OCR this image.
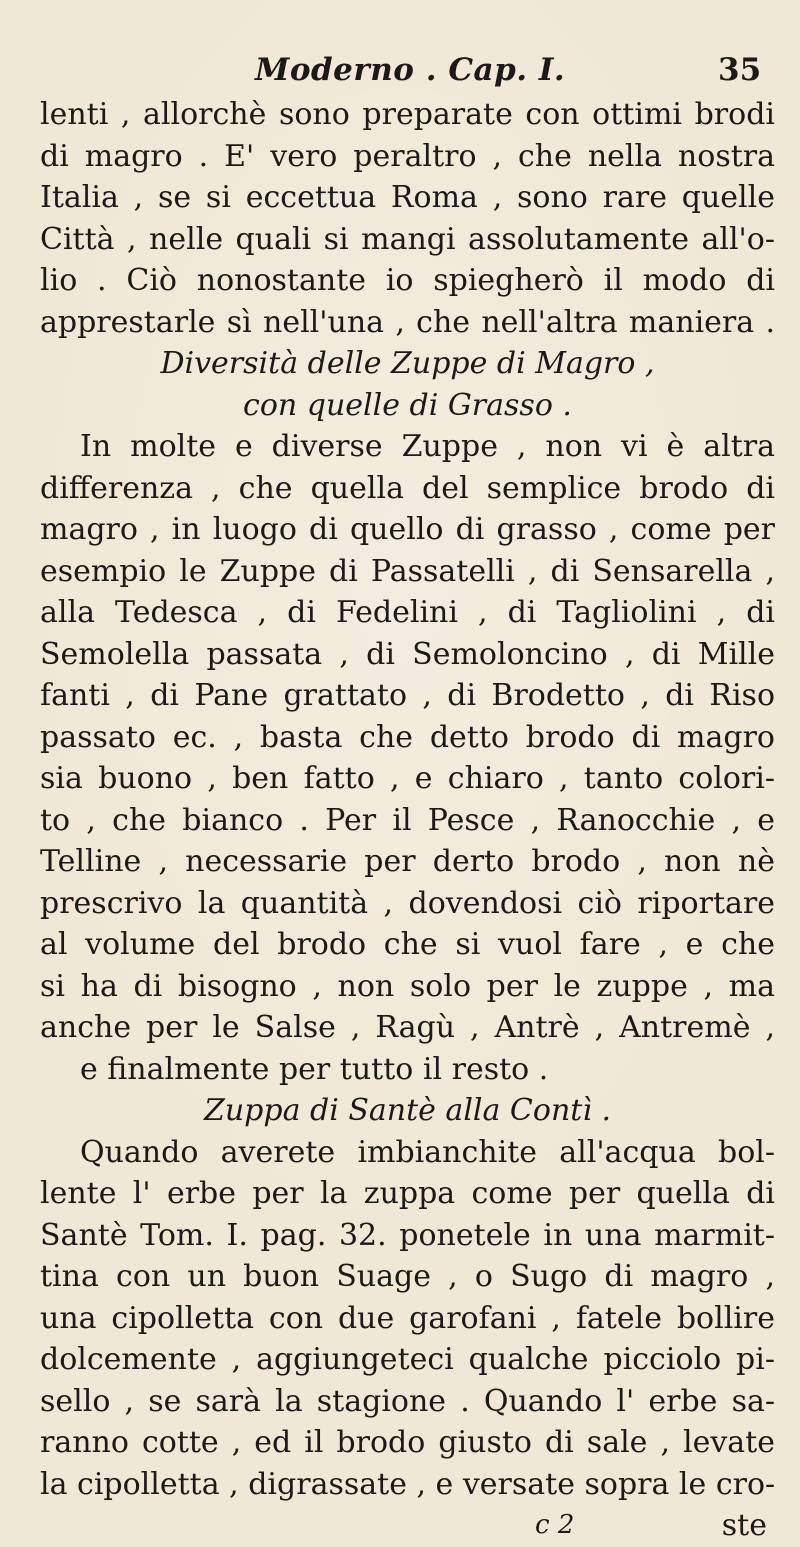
Moderno . Cap. I.	35
lenti , allorchè sono preparate con ottimi brodi
di magro . E' vero peraltro , che nella nostra
Italia , se si eccettua Roma , sono rare quelle
Città , nelle quali si mangi assolutamente all'o-
lio . Ciò nonostante io spiegherò il modo di
apprestarle sì nell'una , che nell'altra maniera .
Diversità delle Zuppe di Magro ,
con quelle di Grasso .
In molte e diverse Zuppe , non vi è altra
differenza , che quella del semplice brodo di
magro , in luogo di quello di grasso , come per
esempio le Zuppe di Passatelli , di Sensarella ,
alla Tedesca , di Fedelini , di Tagliolini , di
Semolella passata , di Semoloncino , di Mille
fanti , di Pane grattato , di Brodetto , di Riso
passato ec. , basta che detto brodo di magro
sia buono , ben fatto , e chiaro , tanto colori-
to , che bianco . Per il Pesce , Ranocchie , e
Telline , necessarie per derto brodo , non nè
prescrivo la quantità , dovendosi ciò riportare
al volume del brodo che si vuol fare , e che
si ha di bisogno , non solo per le zuppe , ma
anche per le Salse , Ragù , Antrè , Antremè ,
e finalmente per tutto il resto .
Zuppa di Santè alla Contì .
Quando averete imbianchite all'acqua bol-
lente l' erbe per la zuppa come per quella di
Santè Tom. I. pag. 32. ponetele in una marmit-
tina con un buon Suage , o Sugo di magro ,
una cipolletta con due garofani , fatele bollire
dolcemente , aggiungeteci qualche picciolo pi-
sello , se sarà la stagione . Quando l' erbe sa-
ranno cotte , ed il brodo giusto di sale , levate
la cipolletta , digrassate , e versate sopra le cro-
c 2	ste
